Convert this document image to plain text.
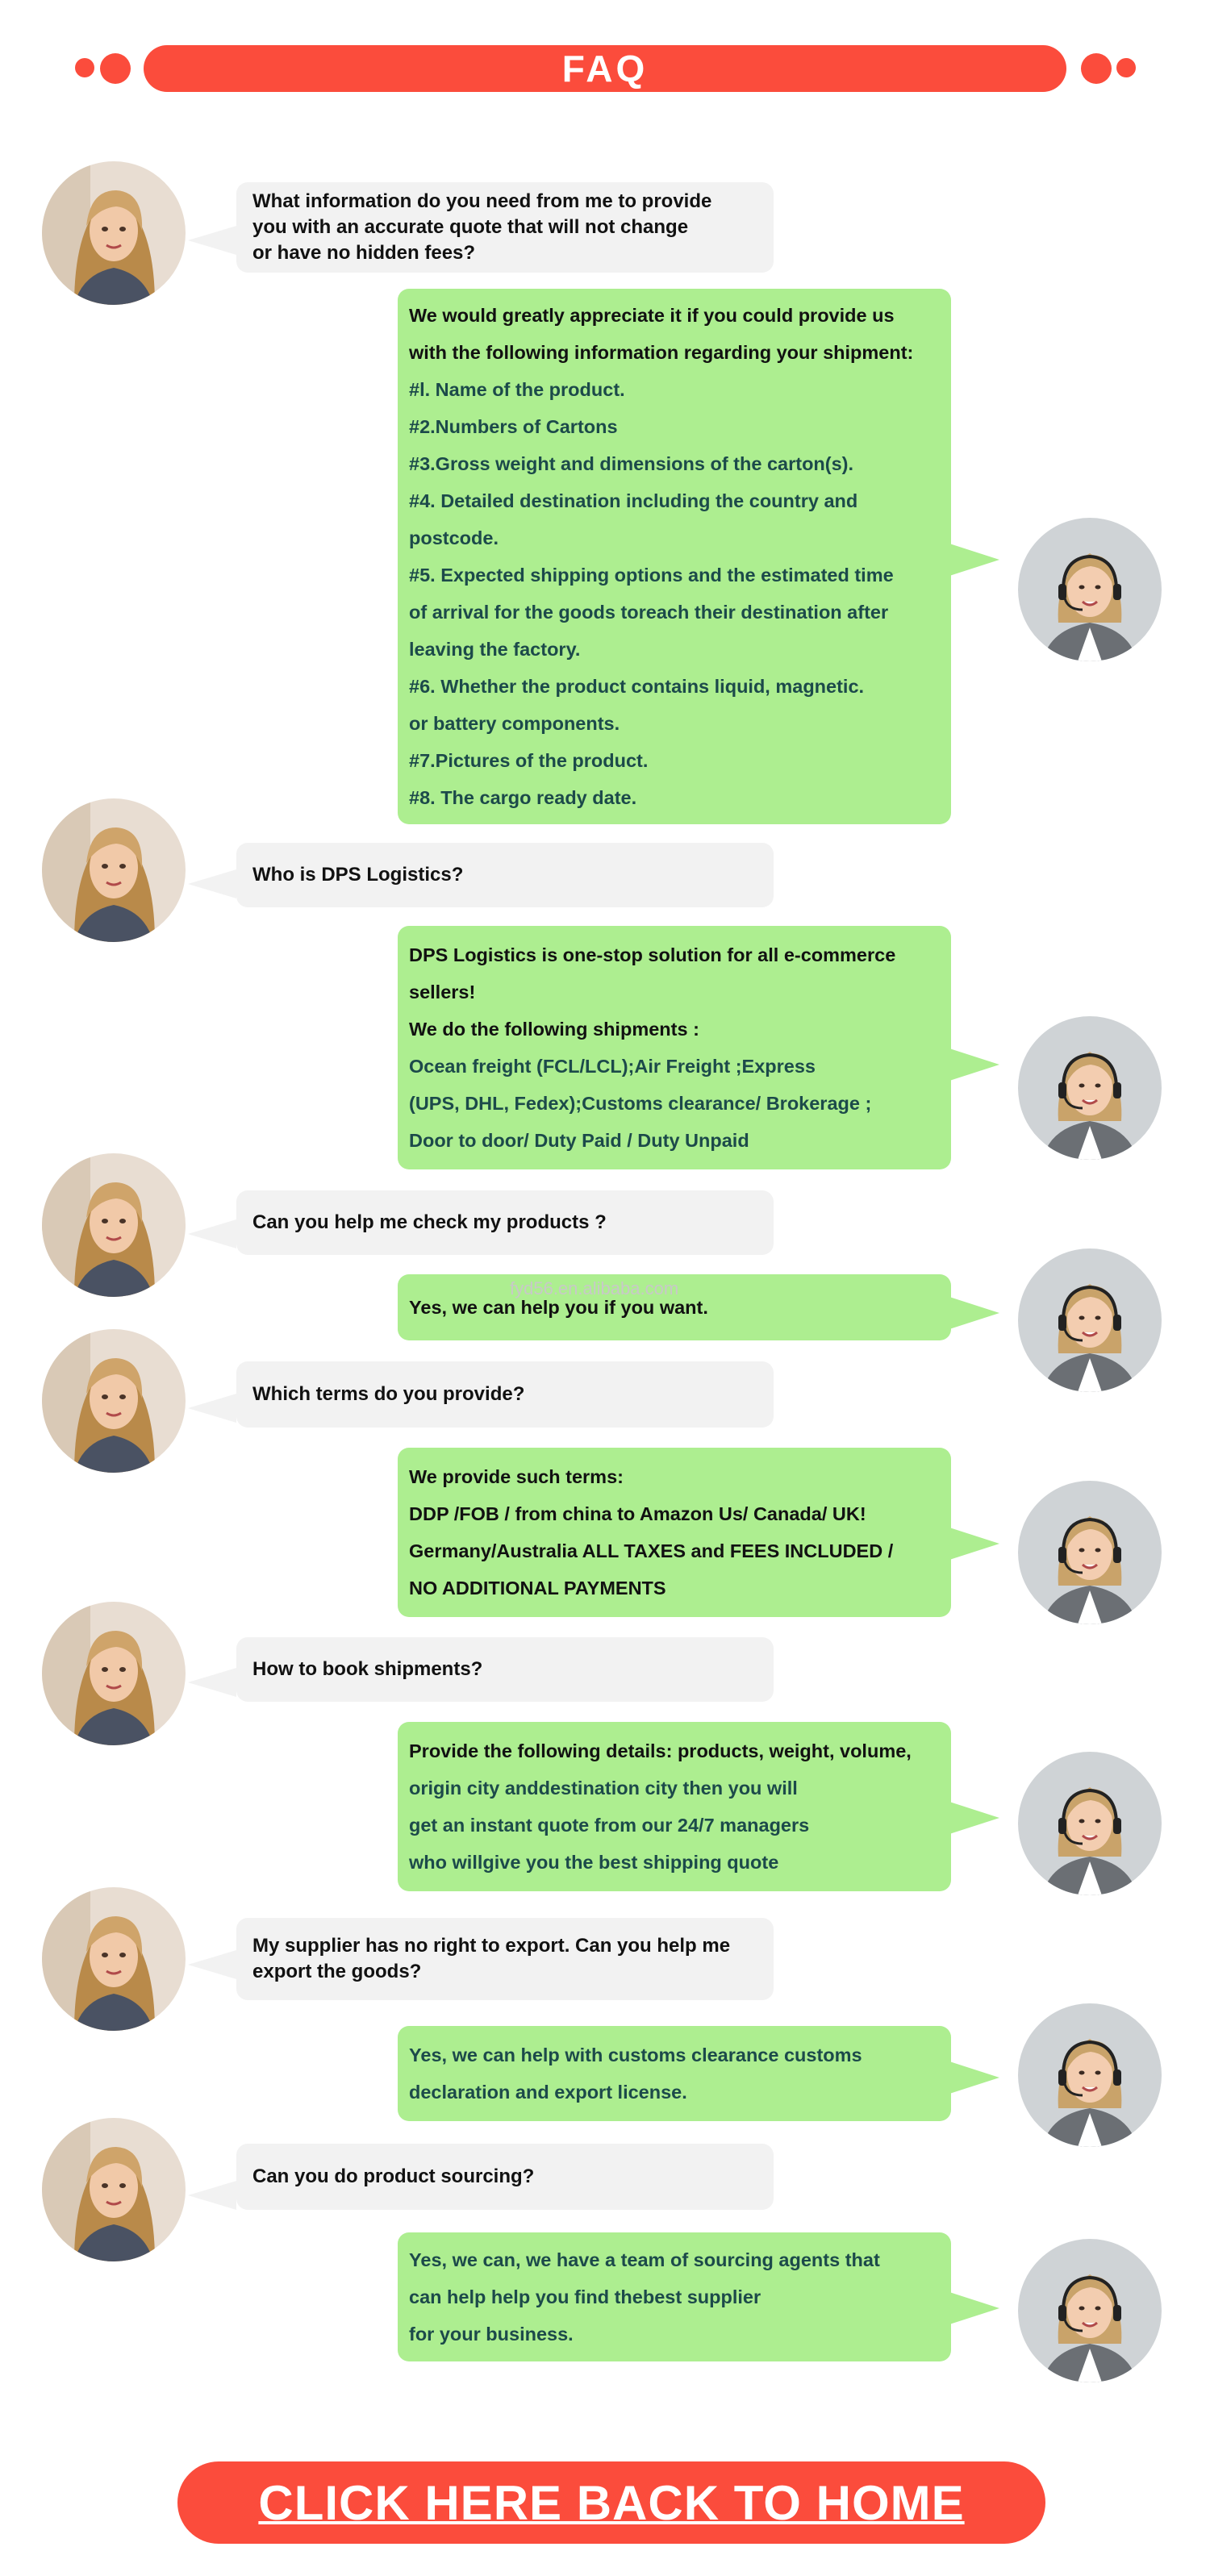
FAQ
What information do you need from me to provide
you with an accurate quote that will not change
or have no hidden fees?
We would greatly appreciate it if you could provide us
with the following information regarding your shipment:
#l. Name of the product.
#2.Numbers of Cartons
#3.Gross weight and dimensions of the carton(s).
#4. Detailed destination including the country and
postcode.
#5. Expected shipping options and the estimated time
of arrival for the goods toreach their destination after
leaving the factory.
#6. Whether the product contains liquid, magnetic.
or battery components.
#7.Pictures of the product.
#8. The cargo ready date.
Who is DPS Logistics?
DPS Logistics is one-stop solution for all e-commerce
sellers!
We do the following shipments :
Ocean freight (FCL/LCL);Air Freight ;Express
(UPS, DHL, Fedex);Customs clearance/ Brokerage ;
Door to door/ Duty Paid / Duty Unpaid
Can you help me check my products ?
Yes, we can help you if you want.
fyd56.en.alibaba.com
Which terms do you provide?
We provide such terms:
DDP /FOB / from china to Amazon Us/ Canada/ UK!
Germany/Australia ALL TAXES and FEES INCLUDED /
NO ADDITIONAL PAYMENTS
How to book shipments?
Provide the following details: products, weight, volume,
origin city anddestination city then you will
get an instant quote from our 24/7 managers
who willgive you the best shipping quote
My supplier has no right to export. Can you help me
export the goods?
Yes, we can help with customs clearance customs
declaration and export license.
Can you do product sourcing?
Yes, we can, we have a team of sourcing agents that
can help help you find thebest supplier
for your business.
CLICK HERE BACK TO HOME
